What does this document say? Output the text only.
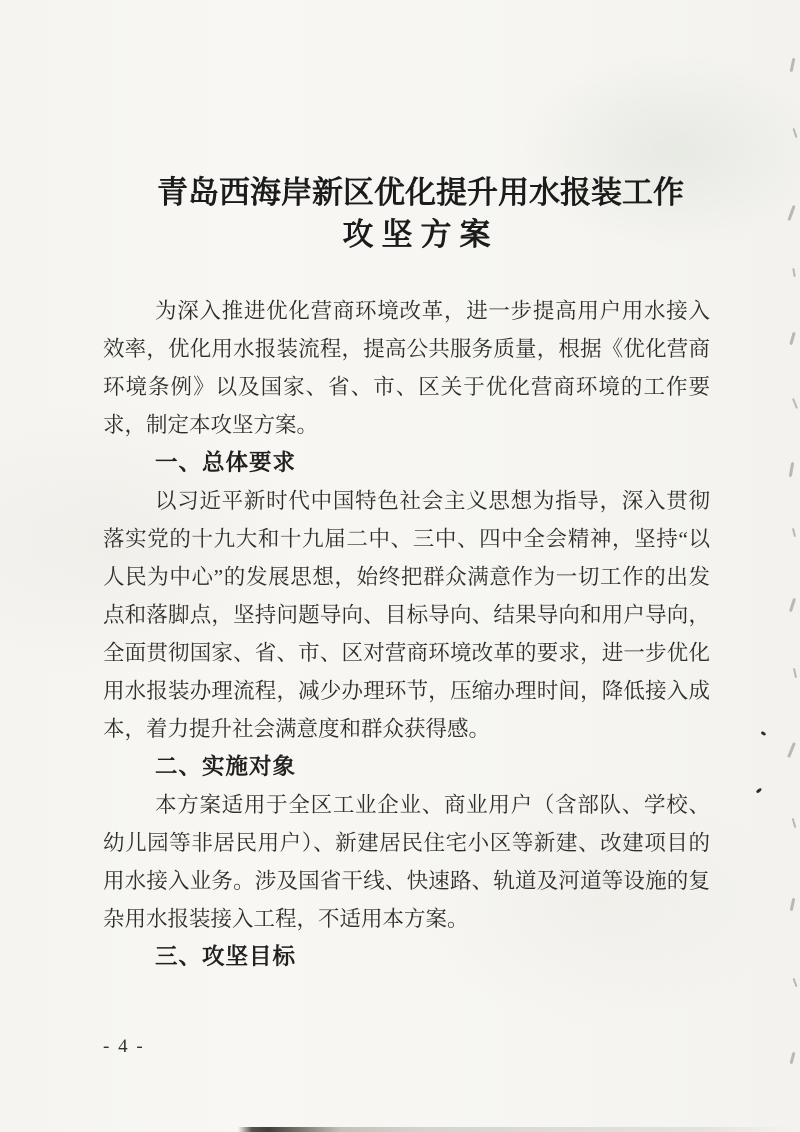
青岛西海岸新区优化提升用水报装工作
攻坚方案

为深入推进优化营商环境改革，进一步提高用户用水接入效率，优化用水报装流程，提高公共服务质量，根据《优化营商环境条例》以及国家、省、市、区关于优化营商环境的工作要求，制定本攻坚方案。

一、总体要求

以习近平新时代中国特色社会主义思想为指导，深入贯彻落实党的十九大和十九届二中、三中、四中全会精神，坚持“以人民为中心”的发展思想，始终把群众满意作为一切工作的出发点和落脚点，坚持问题导向、目标导向、结果导向和用户导向，全面贯彻国家、省、市、区对营商环境改革的要求，进一步优化用水报装办理流程，减少办理环节，压缩办理时间，降低接入成本，着力提升社会满意度和群众获得感。

二、实施对象

本方案适用于全区工业企业、商业用户（含部队、学校、幼儿园等非居民用户）、新建居民住宅小区等新建、改建项目的用水接入业务。涉及国省干线、快速路、轨道及河道等设施的复杂用水报装接入工程，不适用本方案。

三、攻坚目标
- 4 -
